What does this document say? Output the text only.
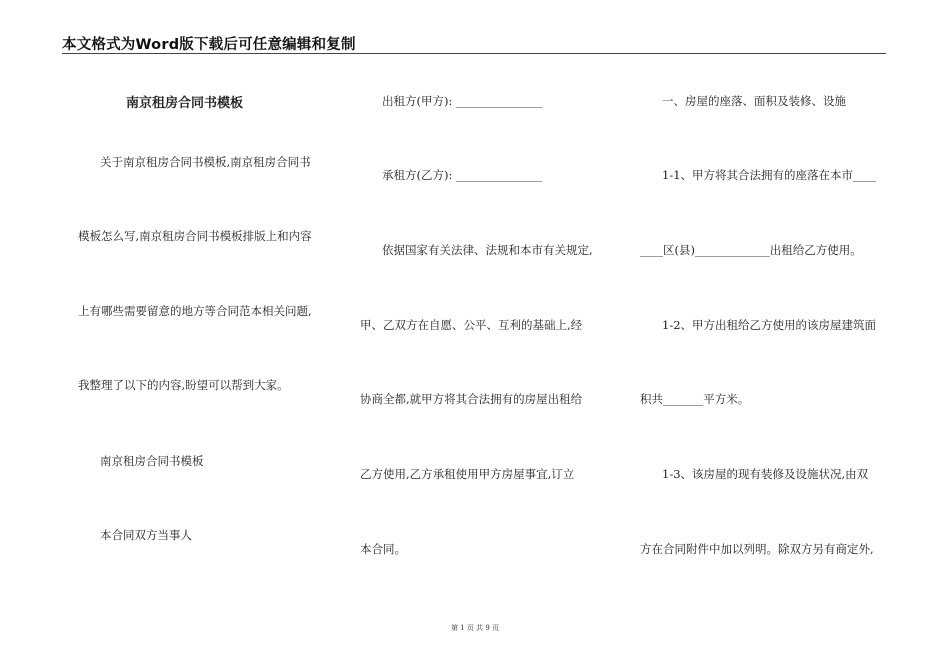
本文格式为Word版下载后可任意编辑和复制
南京租房合同书模板
关于南京租房合同书模板,南京租房合同书
模板怎么写,南京租房合同书模板排版上和内容
上有哪些需要留意的地方等合同范本相关问题,
我整理了以下的内容,盼望可以帮到大家。
南京租房合同书模板
本合同双方当事人
出租方(甲方): _______________
承租方(乙方): _______________
依据国家有关法律、法规和本市有关规定,
甲、乙双方在自愿、公平、互利的基础上,经
协商全都,就甲方将其合法拥有的房屋出租给
乙方使用,乙方承租使用甲方房屋事宜,订立
本合同。
一、房屋的座落、面积及装修、设施
1-1、甲方将其合法拥有的座落在本市____
____区(县)_____________出租给乙方使用。
1-2、甲方出租给乙方使用的该房屋建筑面
积共_______平方米。
1-3、该房屋的现有装修及设施状况,由双
方在合同附件中加以列明。除双方另有商定外,
第 1 页 共 9 页
